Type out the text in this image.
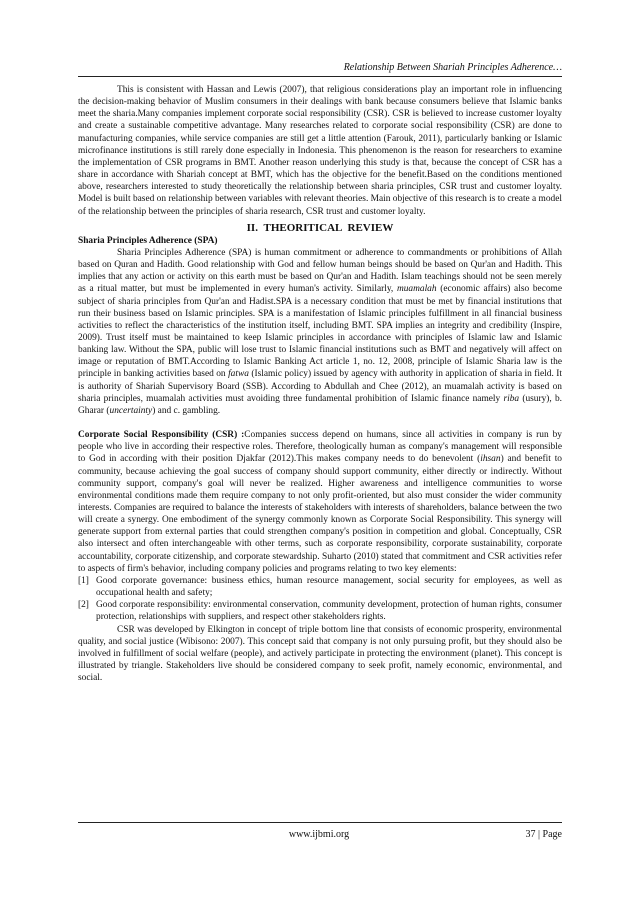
Relationship Between Shariah Principles Adherence…

This is consistent with Hassan and Lewis (2007), that religious considerations play an important role in influencing the decision-making behavior of Muslim consumers in their dealings with bank because consumers believe that Islamic banks meet the sharia.Many companies implement corporate social responsibility (CSR). CSR is believed to increase customer loyalty and create a sustainable competitive advantage. Many researches related to corporate social responsibility (CSR) are done to manufacturing companies, while service companies are still get a little attention (Farouk, 2011), particularly banking or Islamic microfinance institutions is still rarely done especially in Indonesia. This phenomenon is the reason for researchers to examine the implementation of CSR programs in BMT. Another reason underlying this study is that, because the concept of CSR has a share in accordance with Shariah concept at BMT, which has the objective for the benefit.Based on the conditions mentioned above, researchers interested to study theoretically the relationship between sharia principles, CSR trust and customer loyalty. Model is built based on relationship between variables with relevant theories. Main objective of this research is to create a model of the relationship between the principles of sharia research, CSR trust and customer loyalty.

II. THEORITICAL REVIEW

Sharia Principles Adherence (SPA)

Sharia Principles Adherence (SPA) is human commitment or adherence to commandments or prohibitions of Allah based on Quran and Hadith. Good relationship with God and fellow human beings should be based on Qur'an and Hadith. This implies that any action or activity on this earth must be based on Qur'an and Hadith. Islam teachings should not be seen merely as a ritual matter, but must be implemented in every human's activity. Similarly, muamalah (economic affairs) also become subject of sharia principles from Qur'an and Hadist.SPA is a necessary condition that must be met by financial institutions that run their business based on Islamic principles. SPA is a manifestation of Islamic principles fulfillment in all financial business activities to reflect the characteristics of the institution itself, including BMT. SPA implies an integrity and credibility (Inspire, 2009). Trust itself must be maintained to keep Islamic principles in accordance with principles of Islamic law and Islamic banking law. Without the SPA, public will lose trust to Islamic financial institutions such as BMT and negatively will affect on image or reputation of BMT.According to Islamic Banking Act article 1, no. 12, 2008, principle of Islamic Sharia law is the principle in banking activities based on fatwa (Islamic policy) issued by agency with authority in application of sharia in field. It is authority of Shariah Supervisory Board (SSB). According to Abdullah and Chee (2012), an muamalah activity is based on sharia principles, muamalah activities must avoiding three fundamental prohibition of Islamic finance namely riba (usury), b. Gharar (uncertainty) and c. gambling.

Corporate Social Responsibility (CSR) :Companies success depend on humans, since all activities in company is run by people who live in according their respective roles. Therefore, theologically human as company's management will responsible to God in according with their position Djakfar (2012).This makes company needs to do benevolent (ihsan) and benefit to community, because achieving the goal success of company should support community, either directly or indirectly. Without community support, company's goal will never be realized. Higher awareness and intelligence communities to worse environmental conditions made them require company to not only profit-oriented, but also must consider the wider community interests. Companies are required to balance the interests of stakeholders with interests of shareholders, balance between the two will create a synergy. One embodiment of the synergy commonly known as Corporate Social Responsibility. This synergy will generate support from external parties that could strengthen company's position in competition and global. Conceptually, CSR also intersect and often interchangeable with other terms, such as corporate responsibility, corporate sustainability, corporate accountability, corporate citizenship, and corporate stewardship. Suharto (2010) stated that commitment and CSR activities refer to aspects of firm's behavior, including company policies and programs relating to two key elements:

[1] Good corporate governance: business ethics, human resource management, social security for employees, as well as occupational health and safety;
[2] Good corporate responsibility: environmental conservation, community development, protection of human rights, consumer protection, relationships with suppliers, and respect other stakeholders rights.

CSR was developed by Elkington in concept of triple bottom line that consists of economic prosperity, environmental quality, and social justice (Wibisono: 2007). This concept said that company is not only pursuing profit, but they should also be involved in fulfillment of social welfare (people), and actively participate in protecting the environment (planet). This concept is illustrated by triangle. Stakeholders live should be considered company to seek profit, namely economic, environmental, and social.

www.ijbmi.org	37 | Page
